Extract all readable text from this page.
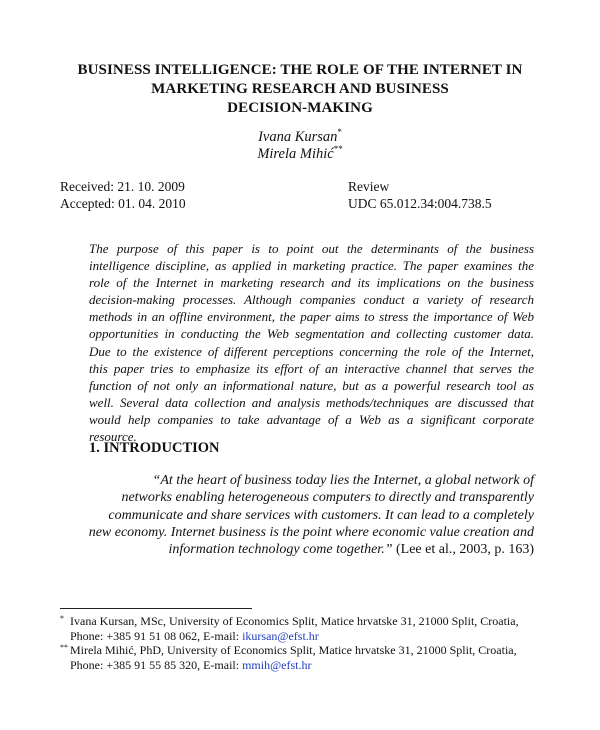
BUSINESS INTELLIGENCE: THE ROLE OF THE INTERNET IN
MARKETING RESEARCH AND BUSINESS
DECISION-MAKING
Ivana Kursan*
Mirela Mihić**
Received: 21. 10. 2009
Accepted: 01. 04. 2010
Review
UDC 65.012.34:004.738.5
The purpose of this paper is to point out the determinants of the business
intelligence discipline, as applied in marketing practice. The paper examines the
role of the Internet in marketing research and its implications on the business
decision-making processes. Although companies conduct a variety of research
methods in an offline environment, the paper aims to stress the importance of Web
opportunities in conducting the Web segmentation and collecting customer data.
Due to the existence of different perceptions concerning the role of the Internet,
this paper tries to emphasize its effort of an interactive channel that serves the
function of not only an informational nature, but as a powerful research tool as
well. Several data collection and analysis methods/techniques are discussed that
would help companies to take advantage of a Web as a significant corporate
resource.
1. INTRODUCTION
“At the heart of business today lies the Internet, a global network of
networks enabling heterogeneous computers to directly and transparently
communicate and share services with customers. It can lead to a completely
new economy. Internet business is the point where economic value creation and
information technology come together.” (Lee et al., 2003, p. 163)
* Ivana Kursan, MSc, University of Economics Split, Matice hrvatske 31, 21000 Split, Croatia,
Phone: +385 91 51 08 062, E-mail: ikursan@efst.hr
** Mirela Mihić, PhD, University of Economics Split, Matice hrvatske 31, 21000 Split, Croatia,
Phone: +385 91 55 85 320, E-mail: mmih@efst.hr
